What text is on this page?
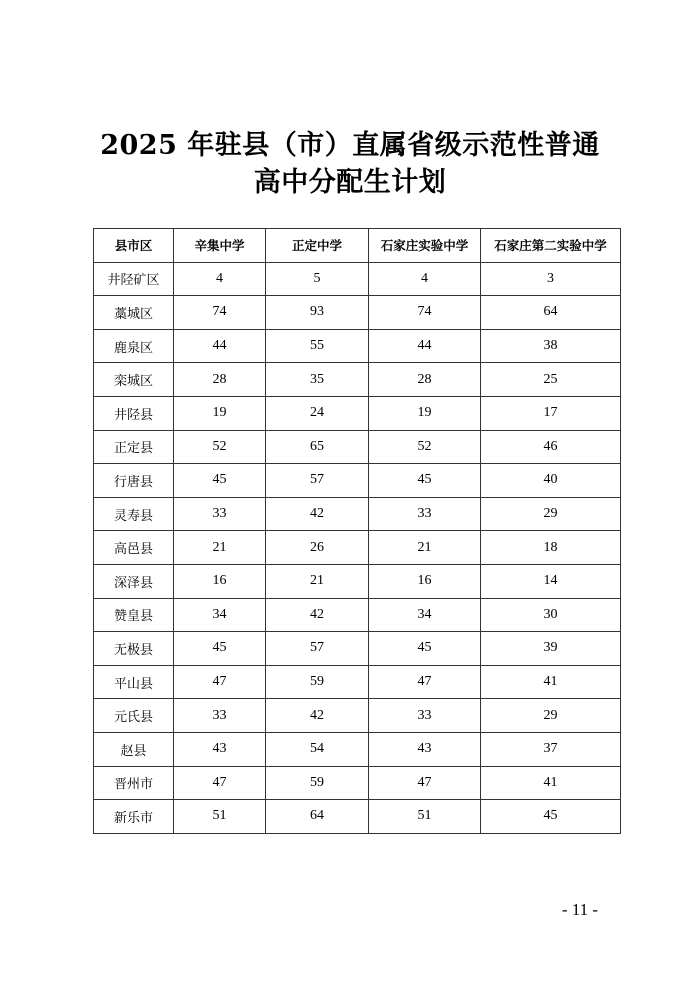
2025 年驻县（市）直属省级示范性普通
高中分配生计划
县市区	辛集中学	正定中学	石家庄实验中学	石家庄第二实验中学
井陉矿区	4	5	4	3
藁城区	74	93	74	64
鹿泉区	44	55	44	38
栾城区	28	35	28	25
井陉县	19	24	19	17
正定县	52	65	52	46
行唐县	45	57	45	40
灵寿县	33	42	33	29
高邑县	21	26	21	18
深泽县	16	21	16	14
赞皇县	34	42	34	30
无极县	45	57	45	39
平山县	47	59	47	41
元氏县	33	42	33	29
赵县	43	54	43	37
晋州市	47	59	47	41
新乐市	51	64	51	45
- 11 -
